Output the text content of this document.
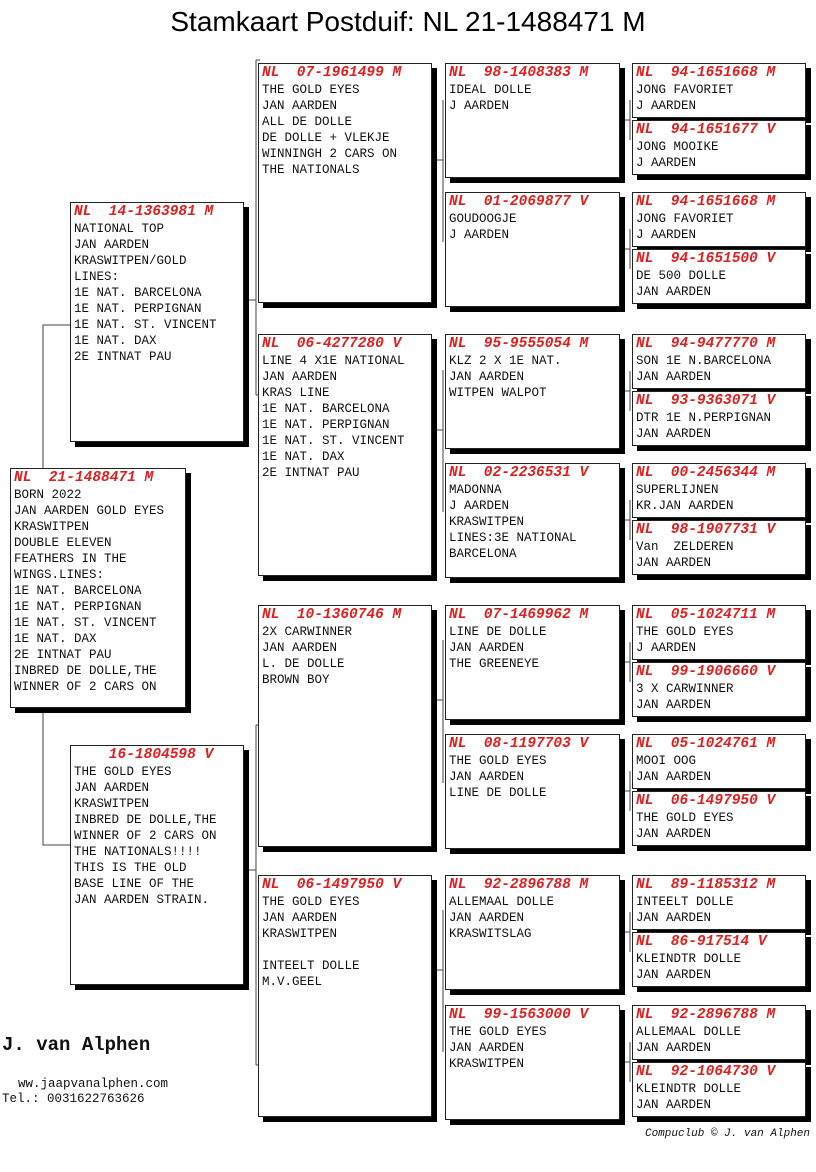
Stamkaart Postduif: NL 21-1488471 M
NL  21-1488471 M
BORN 2022
JAN AARDEN GOLD EYES
KRASWITPEN
DOUBLE ELEVEN
FEATHERS IN THE
WINGS.LINES:
1E NAT. BARCELONA
1E NAT. PERPIGNAN
1E NAT. ST. VINCENT
1E NAT. DAX
2E INTNAT PAU
INBRED DE DOLLE,THE
WINNER OF 2 CARS ON
NL  14-1363981 M
NATIONAL TOP
JAN AARDEN
KRASWITPEN/GOLD
LINES:
1E NAT. BARCELONA
1E NAT. PERPIGNAN
1E NAT. ST. VINCENT
1E NAT. DAX
2E INTNAT PAU
16-1804598 V
THE GOLD EYES
JAN AARDEN
KRASWITPEN
INBRED DE DOLLE,THE
WINNER OF 2 CARS ON
THE NATIONALS!!!!
THIS IS THE OLD
BASE LINE OF THE
JAN AARDEN STRAIN.
NL  07-1961499 M
THE GOLD EYES
JAN AARDEN
ALL DE DOLLE
DE DOLLE + VLEKJE
WINNINGH 2 CARS ON
THE NATIONALS
NL  06-4277280 V
LINE 4 X1E NATIONAL
JAN AARDEN
KRAS LINE
1E NAT. BARCELONA
1E NAT. PERPIGNAN
1E NAT. ST. VINCENT
1E NAT. DAX
2E INTNAT PAU
NL  10-1360746 M
2X CARWINNER
JAN AARDEN
L. DE DOLLE
BROWN BOY
NL  06-1497950 V
THE GOLD EYES
JAN AARDEN
KRASWITPEN

INTEELT DOLLE
M.V.GEEL
NL  98-1408383 M
IDEAL DOLLE
J AARDEN
NL  01-2069877 V
GOUDOOGJE
J AARDEN
NL  95-9555054 M
KLZ 2 X 1E NAT.
JAN AARDEN
WITPEN WALPOT
NL  02-2236531 V
MADONNA
J AARDEN
KRASWITPEN
LINES:3E NATIONAL
BARCELONA
NL  07-1469962 M
LINE DE DOLLE
JAN AARDEN
THE GREENEYE
NL  08-1197703 V
THE GOLD EYES
JAN AARDEN
LINE DE DOLLE
NL  92-2896788 M
ALLEMAAL DOLLE
JAN AARDEN
KRASWITSLAG
NL  99-1563000 V
THE GOLD EYES
JAN AARDEN
KRASWITPEN
NL  94-1651668 M
JONG FAVORIET
J AARDEN
NL  94-1651677 V
JONG MOOIKE
J AARDEN
NL  94-1651668 M
JONG FAVORIET
J AARDEN
NL  94-1651500 V
DE 500 DOLLE
JAN AARDEN
NL  94-9477770 M
SON 1E N.BARCELONA
JAN AARDEN
NL  93-9363071 V
DTR 1E N.PERPIGNAN
JAN AARDEN
NL  00-2456344 M
SUPERLIJNEN
KR.JAN AARDEN
NL  98-1907731 V
Van  ZELDEREN
JAN AARDEN
NL  05-1024711 M
THE GOLD EYES
J AARDEN
NL  99-1906660 V
3 X CARWINNER
JAN AARDEN
NL  05-1024761 M
MOOI OOG
JAN AARDEN
NL  06-1497950 V
THE GOLD EYES
JAN AARDEN
NL  89-1185312 M
INTEELT DOLLE
JAN AARDEN
NL  86-917514 V
KLEINDTR DOLLE
JAN AARDEN
NL  92-2896788 M
ALLEMAAL DOLLE
JAN AARDEN
NL  92-1064730 V
KLEINDTR DOLLE
JAN AARDEN
J. van Alphen
ww.jaapvanalphen.com
Tel.: 0031622763626
Compuclub © J. van Alphen
